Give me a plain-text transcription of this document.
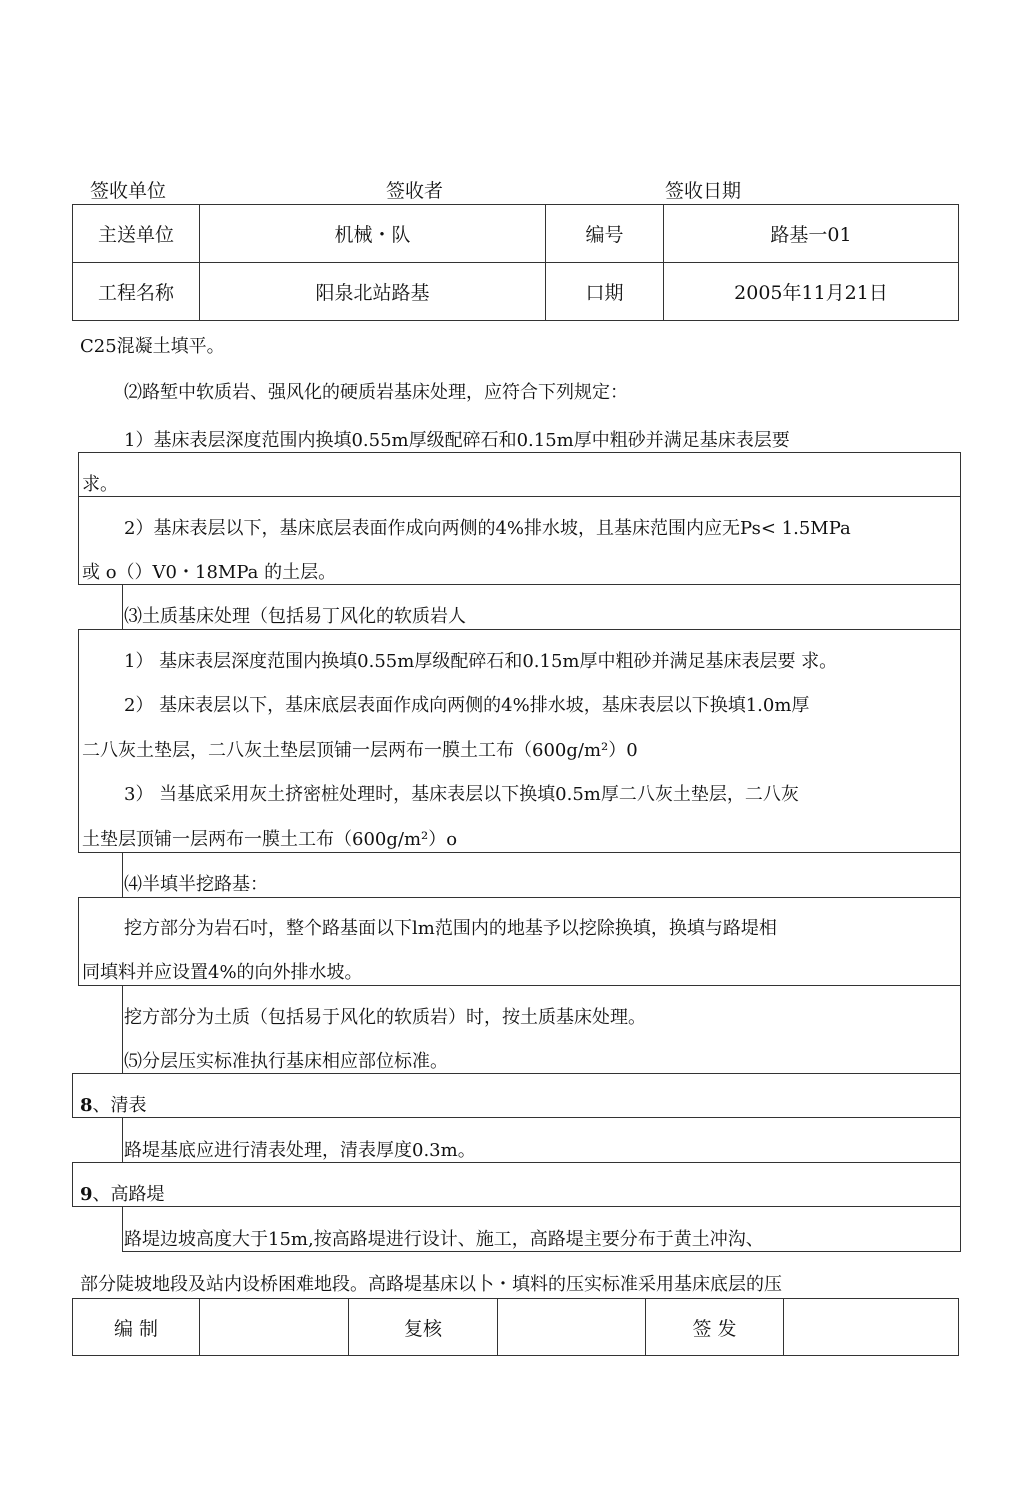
签收单位	签收者	签收日期
主送单位	机械・队	编号	路基一01
工程名称	阳泉北站路基	口期	2005年11月21日
C25混凝土填平。
⑵路堑中软质岩、强风化的硬质岩基床处理，应符合下列规定：
1）基床表层深度范围内换填0.55m厚级配碎石和0.15m厚中粗砂并满足基床表层要
求。
2）基床表层以下，基床底层表面作成向两侧的4%排水坡，且基床范围内应无Ps< 1.5MPa
或 o（）V0・18MPa 的土层。
⑶土质基床处理（包括易丁风化的软质岩人
1） 基床表层深度范围内换填0.55m厚级配碎石和0.15m厚中粗砂并满足基床表层要 求。
2） 基床表层以下，基床底层表面作成向两侧的4%排水坡，基床表层以下换填1.0m厚
二八灰土垫层，二八灰土垫层顶铺一层两布一膜土工布（600g/m²）0
3） 当基底采用灰土挤密桩处理时，基床表层以下换填0.5m厚二八灰土垫层，二八灰
土垫层顶铺一层两布一膜土工布（600g/m²）o
⑷半填半挖路基：
挖方部分为岩石吋，整个路基面以下lm范围内的地基予以挖除换填，换填与路堤相
同填料并应设置4%的向外排水坡。
挖方部分为土质（包括易于风化的软质岩）时，按土质基床处理。
⑸分层压实标准执行基床相应部位标准。
8、清表
路堤基底应进行清表处理，清表厚度0.3m。
9、高路堤
路堤边坡高度大于15m,按高路堤进行设计、施工，高路堤主要分布于黄土冲沟、
部分陡坡地段及站内设桥困难地段。高路堤基床以卜・填料的压实标准采用基床底层的压
编 制		复核		签 发	
